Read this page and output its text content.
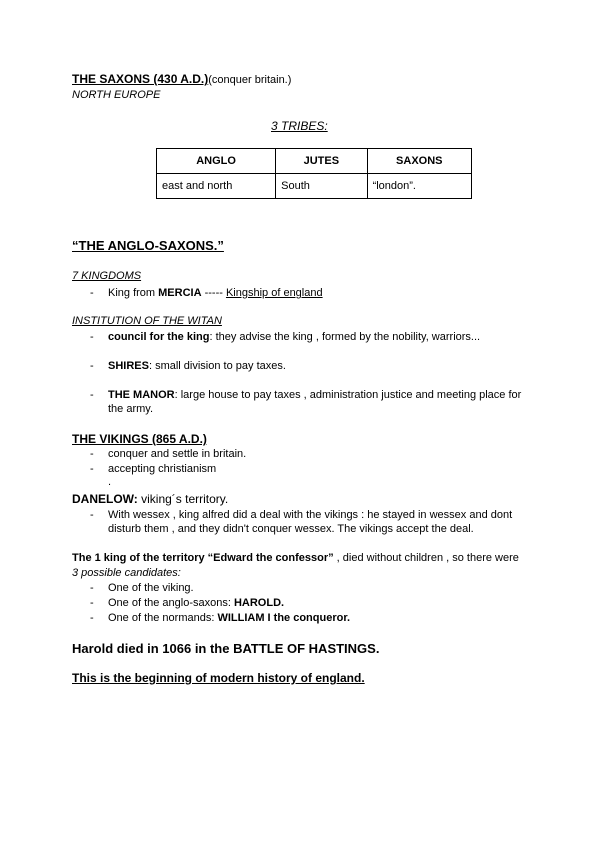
THE SAXONS (430 A.D.)(conquer britain.)
NORTH EUROPE
3 TRIBES:
ANGLO	JUTES	SAXONS
east and north	South	“london”.
“THE ANGLO-SAXONS.”
7 KINGDOMS
- King from MERCIA ----- Kingship of england
INSTITUTION OF THE WITAN
- council for the king: they advise the king , formed by the nobility, warriors...
- SHIRES: small division to pay taxes.
- THE MANOR: large house to pay taxes , administration justice and meeting place for
the army.
THE VIKINGS (865 A.D.)
- conquer and settle in britain.
- accepting christianism
.
DANELOW: viking´s territory.
- With wessex , king alfred did a deal with the vikings : he stayed in wessex and dont
disturb them , and they didn't conquer wessex. The vikings accept the deal.
The 1 king of the territory “Edward the confessor” , died without children , so there were
3 possible candidates:
- One of the viking.
- One of the anglo-saxons: HAROLD.
- One of the normands: WILLIAM I the conqueror.
Harold died in 1066 in the BATTLE OF HASTINGS.
This is the beginning of modern history of england.
